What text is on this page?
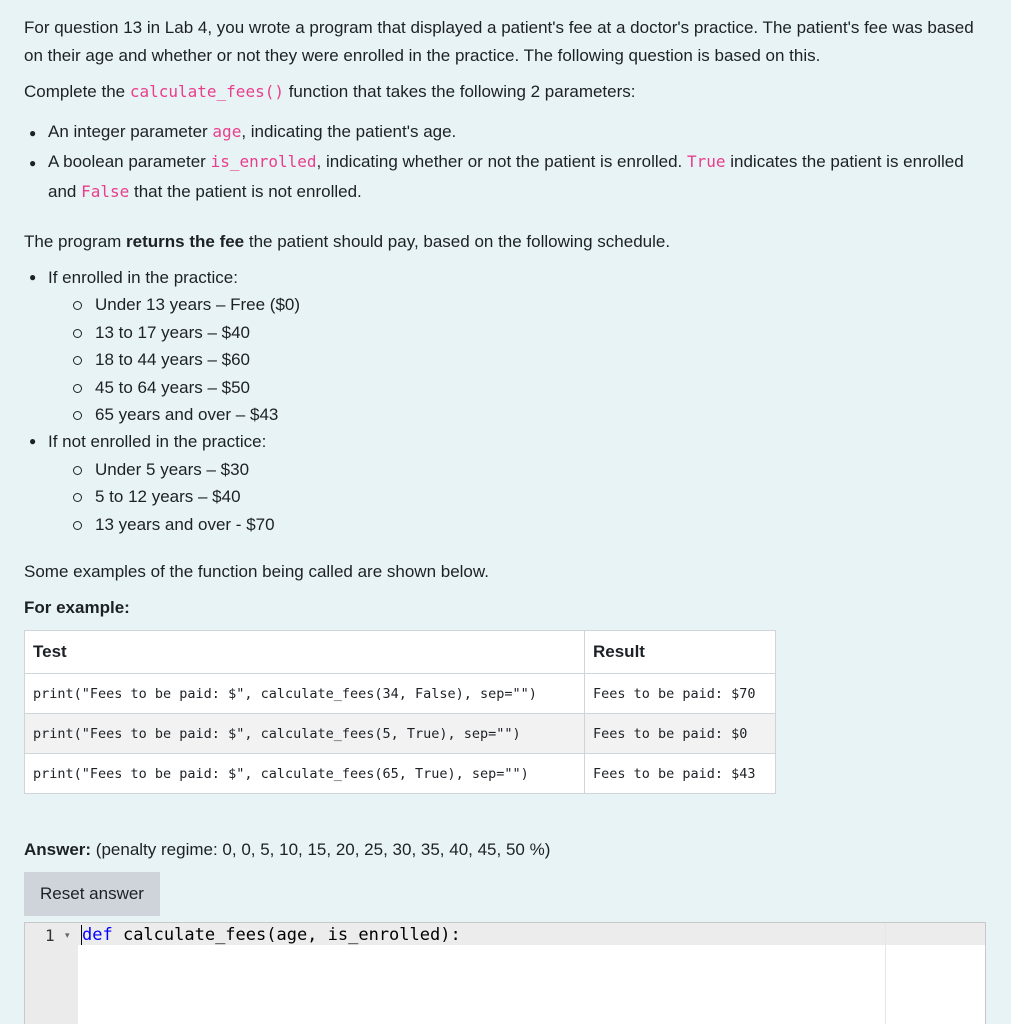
For question 13 in Lab 4, you wrote a program that displayed a patient's fee at a doctor's practice. The patient's fee was based on their age and whether or not they were enrolled in the practice. The following question is based on this.

Complete the calculate_fees() function that takes the following 2 parameters:

● An integer parameter age, indicating the patient's age.
● A boolean parameter is_enrolled, indicating whether or not the patient is enrolled. True indicates the patient is enrolled and False that the patient is not enrolled.

The program returns the fee the patient should pay, based on the following schedule.

● If enrolled in the practice:
Under 13 years – Free ($0)
13 to 17 years – $40
18 to 44 years – $60
45 to 64 years – $50
65 years and over – $43
● If not enrolled in the practice:
Under 5 years – $30
5 to 12 years – $40
13 years and over - $70

Some examples of the function being called are shown below.

For example:

Test	Result
print("Fees to be paid: $", calculate_fees(34, False), sep="")	Fees to be paid: $70
print("Fees to be paid: $", calculate_fees(5, True), sep="")	Fees to be paid: $0
print("Fees to be paid: $", calculate_fees(65, True), sep="")	Fees to be paid: $43

Answer: (penalty regime: 0, 0, 5, 10, 15, 20, 25, 30, 35, 40, 45, 50 %)

Reset answer
1 ▾ def calculate_fees(age, is_enrolled):
